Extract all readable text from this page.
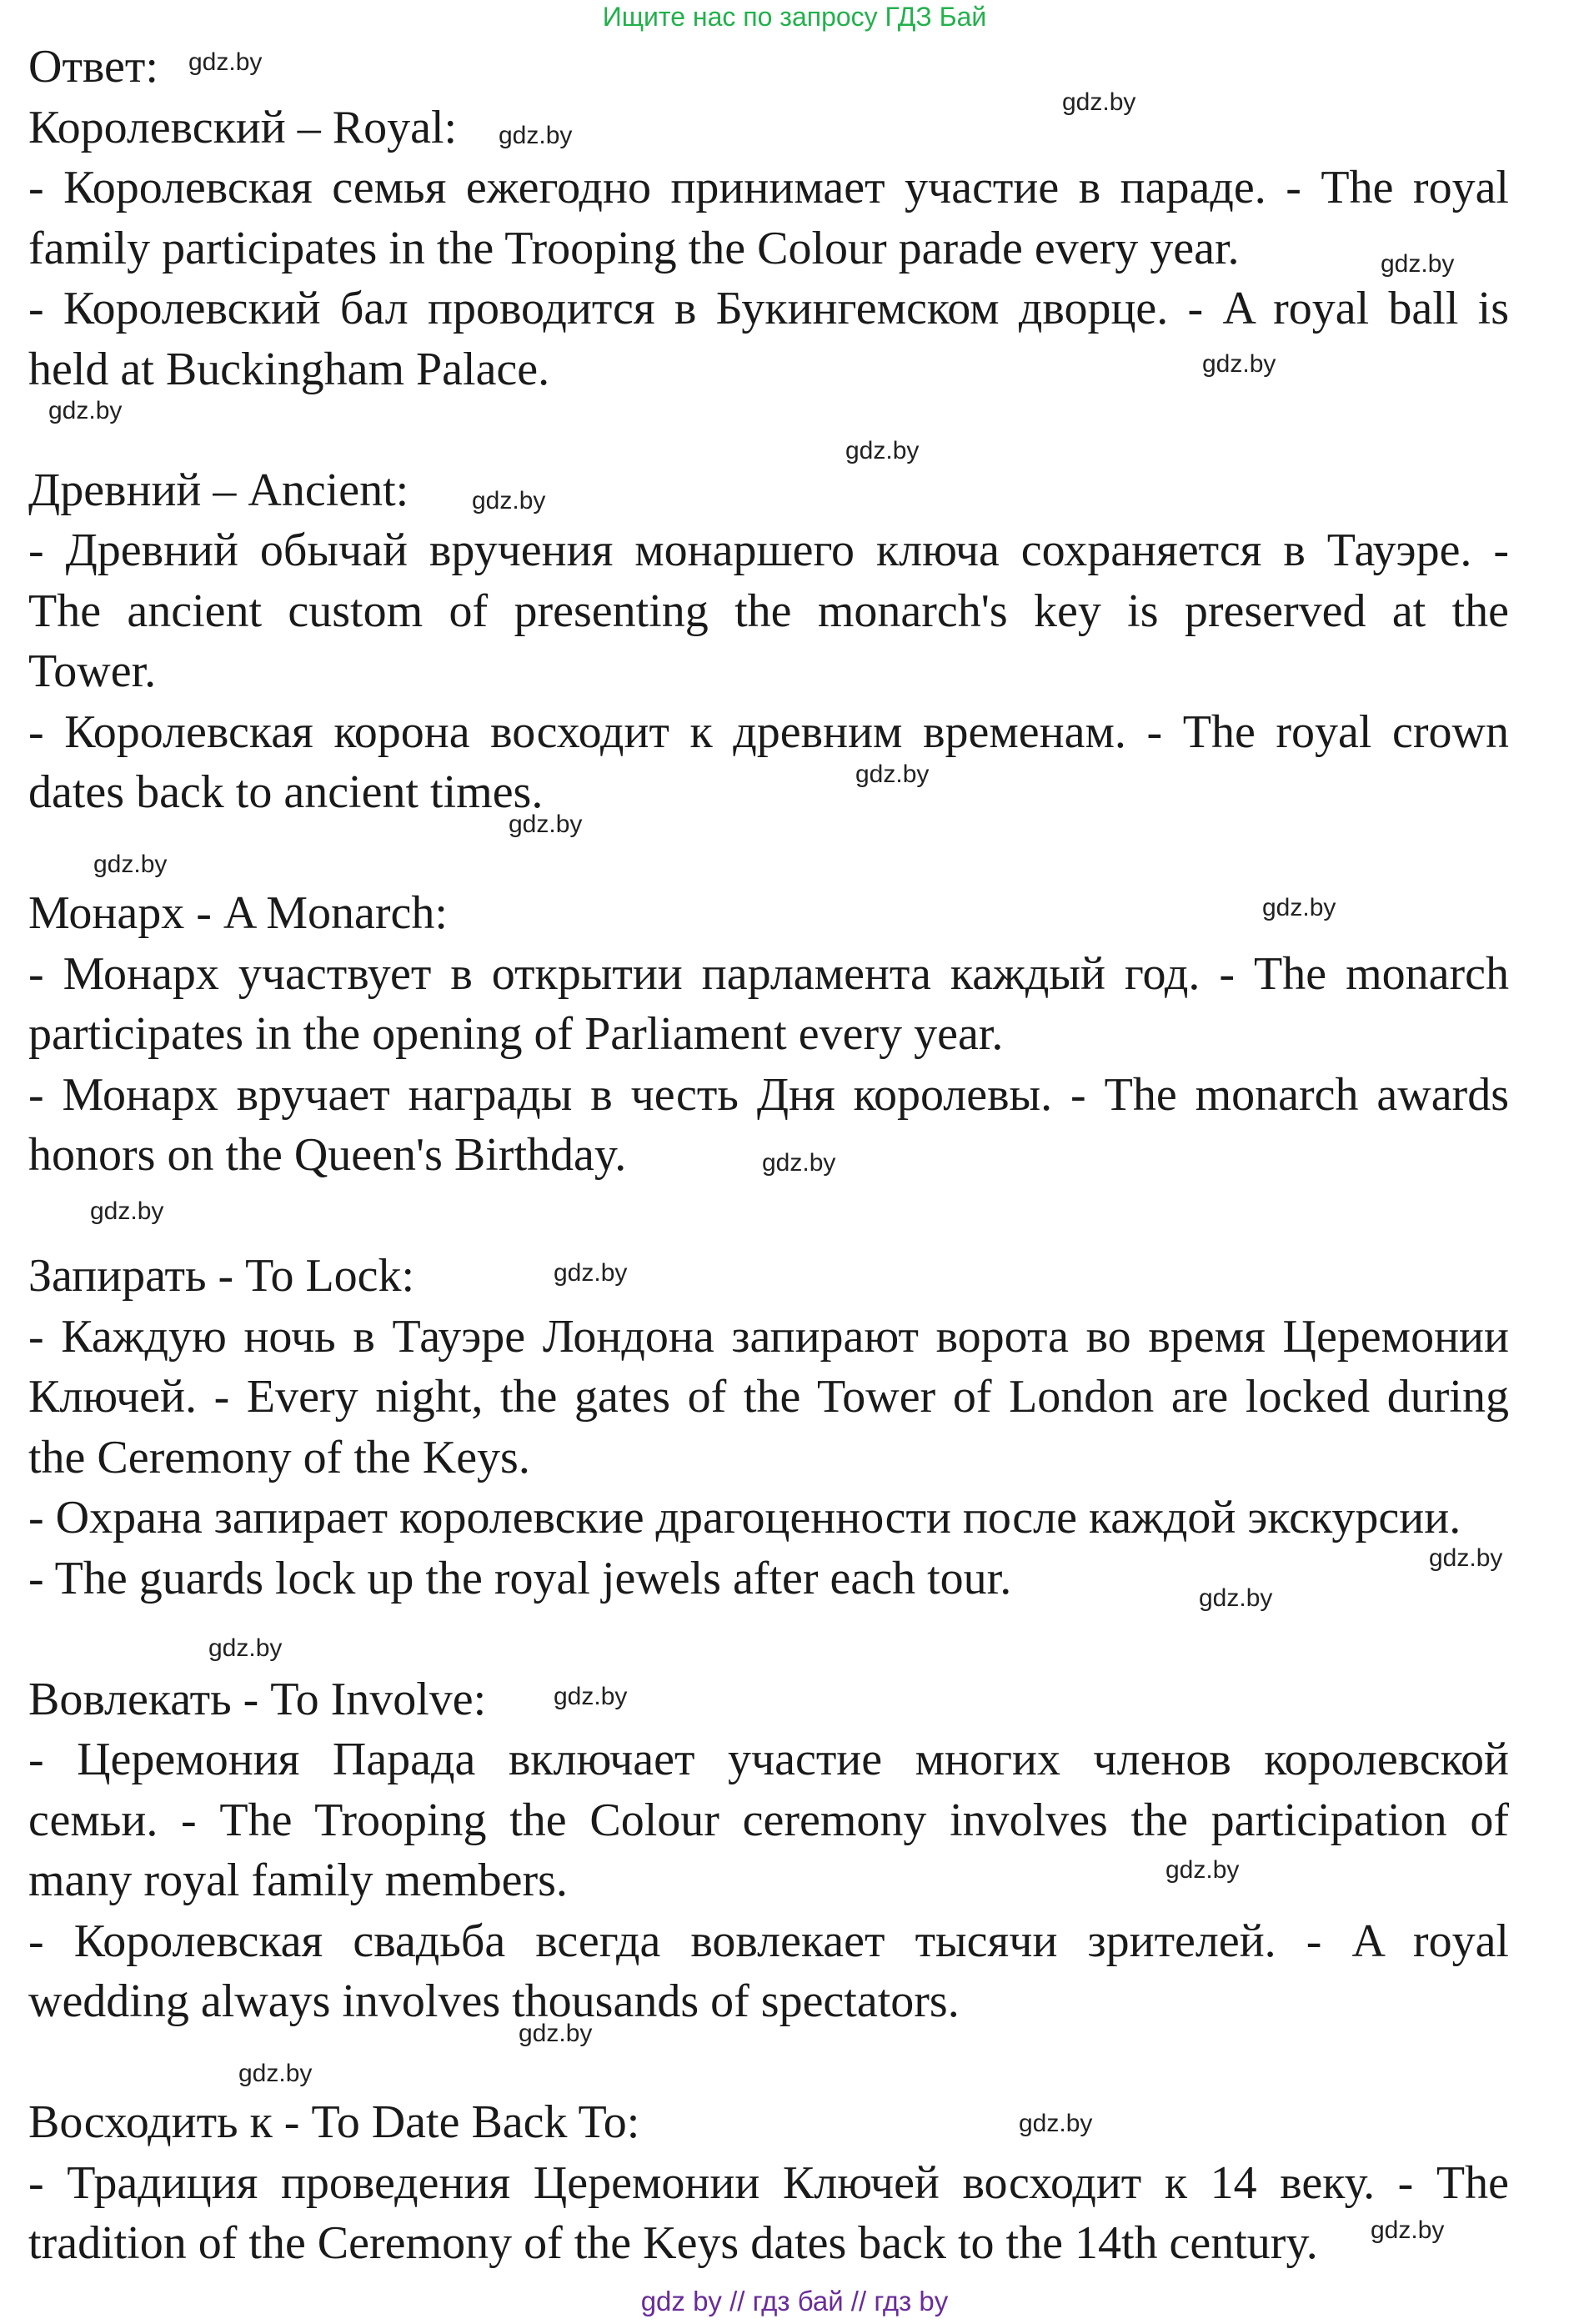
Ищите нас по запросу ГДЗ Бай
Ответ:
Королевский – Royal:
- Королевская семья ежегодно принимает участие в параде. - The royal
family participates in the Trooping the Colour parade every year.
- Королевский бал проводится в Букингемском дворце. - A royal ball is
held at Buckingham Palace.
Древний – Ancient:
- Древний обычай вручения монаршего ключа сохраняется в Тауэре. -
The ancient custom of presenting the monarch's key is preserved at the
Tower.
- Королевская корона восходит к древним временам. - The royal crown
dates back to ancient times.
Монарх - A Monarch:
- Монарх участвует в открытии парламента каждый год. - The monarch
participates in the opening of Parliament every year.
- Монарх вручает награды в честь Дня королевы. - The monarch awards
honors on the Queen's Birthday.
Запирать - To Lock:
- Каждую ночь в Тауэре Лондона запирают ворота во время Церемонии
Ключей. - Every night, the gates of the Tower of London are locked during
the Ceremony of the Keys.
- Охрана запирает королевские драгоценности после каждой экскурсии.
- The guards lock up the royal jewels after each tour.
Вовлекать - To Involve:
- Церемония Парада включает участие многих членов королевской
семьи. - The Trooping the Colour ceremony involves the participation of
many royal family members.
- Королевская свадьба всегда вовлекает тысячи зрителей. - A royal
wedding always involves thousands of spectators.
Восходить к - To Date Back To:
- Традиция проведения Церемонии Ключей восходит к 14 веку. - The
tradition of the Ceremony of the Keys dates back to the 14th century.
gdz.by
gdz.by
gdz.by
gdz.by
gdz.by
gdz.by
gdz.by
gdz.by
gdz.by
gdz.by
gdz.by
gdz.by
gdz.by
gdz.by
gdz.by
gdz.by
gdz.by
gdz.by
gdz.by
gdz.by
gdz.by
gdz.by
gdz.by
gdz.by
gdz by // гдз бай // гдз by
